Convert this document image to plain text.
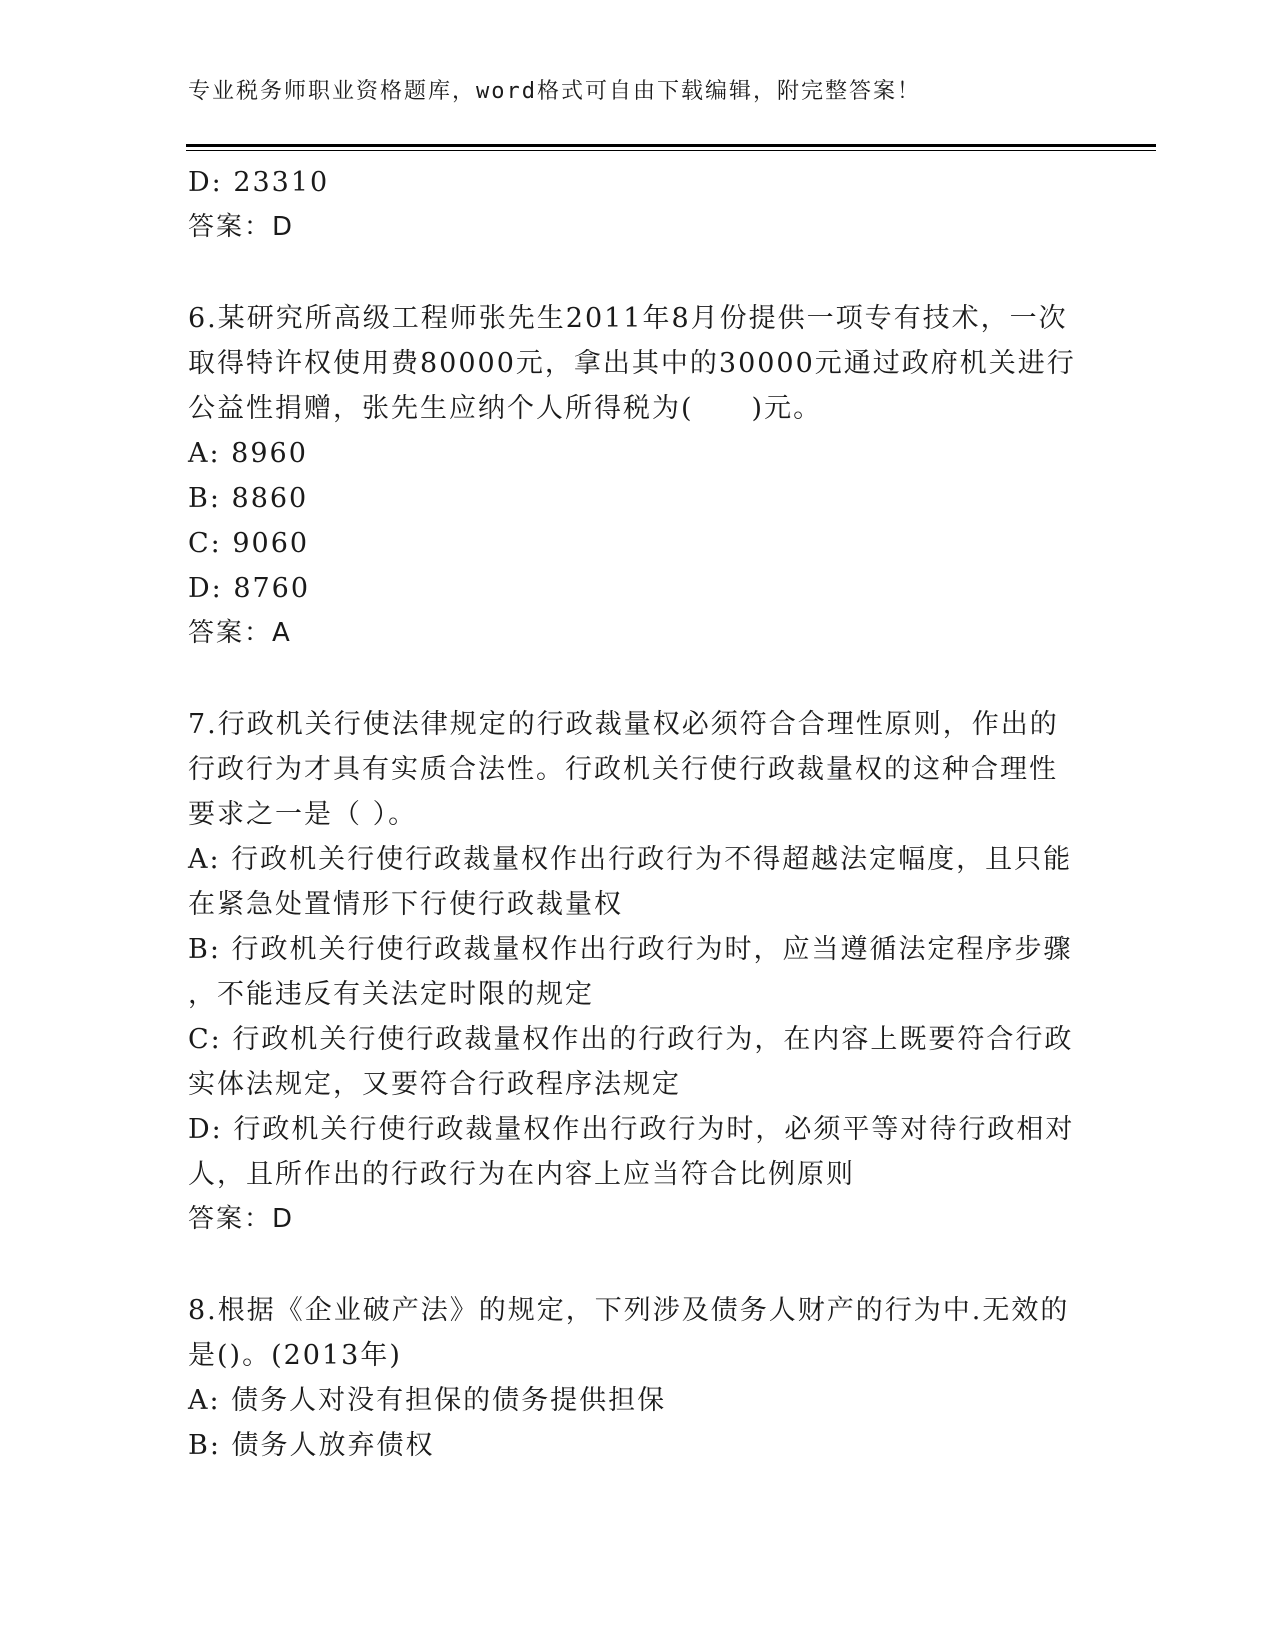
专业税务师职业资格题库，word格式可自由下载编辑，附完整答案！
D: 23310
答案：D
6.某研究所高级工程师张先生2011年8月份提供一项专有技术，一次
取得特许权使用费80000元，拿出其中的30000元通过政府机关进行
公益性捐赠，张先生应纳个人所得税为(　　)元。
A: 8960
B: 8860
C: 9060
D: 8760
答案：A
7.行政机关行使法律规定的行政裁量权必须符合合理性原则，作出的
行政行为才具有实质合法性。行政机关行使行政裁量权的这种合理性
要求之一是（ ）。
A: 行政机关行使行政裁量权作出行政行为不得超越法定幅度，且只能
在紧急处置情形下行使行政裁量权
B: 行政机关行使行政裁量权作出行政行为时，应当遵循法定程序步骤
，不能违反有关法定时限的规定
C: 行政机关行使行政裁量权作出的行政行为，在内容上既要符合行政
实体法规定，又要符合行政程序法规定
D: 行政机关行使行政裁量权作出行政行为时，必须平等对待行政相对
人，且所作出的行政行为在内容上应当符合比例原则
答案：D
8.根据《企业破产法》的规定，下列涉及债务人财产的行为中.无效的
是()。(2013年)
A: 债务人对没有担保的债务提供担保
B: 债务人放弃债权
